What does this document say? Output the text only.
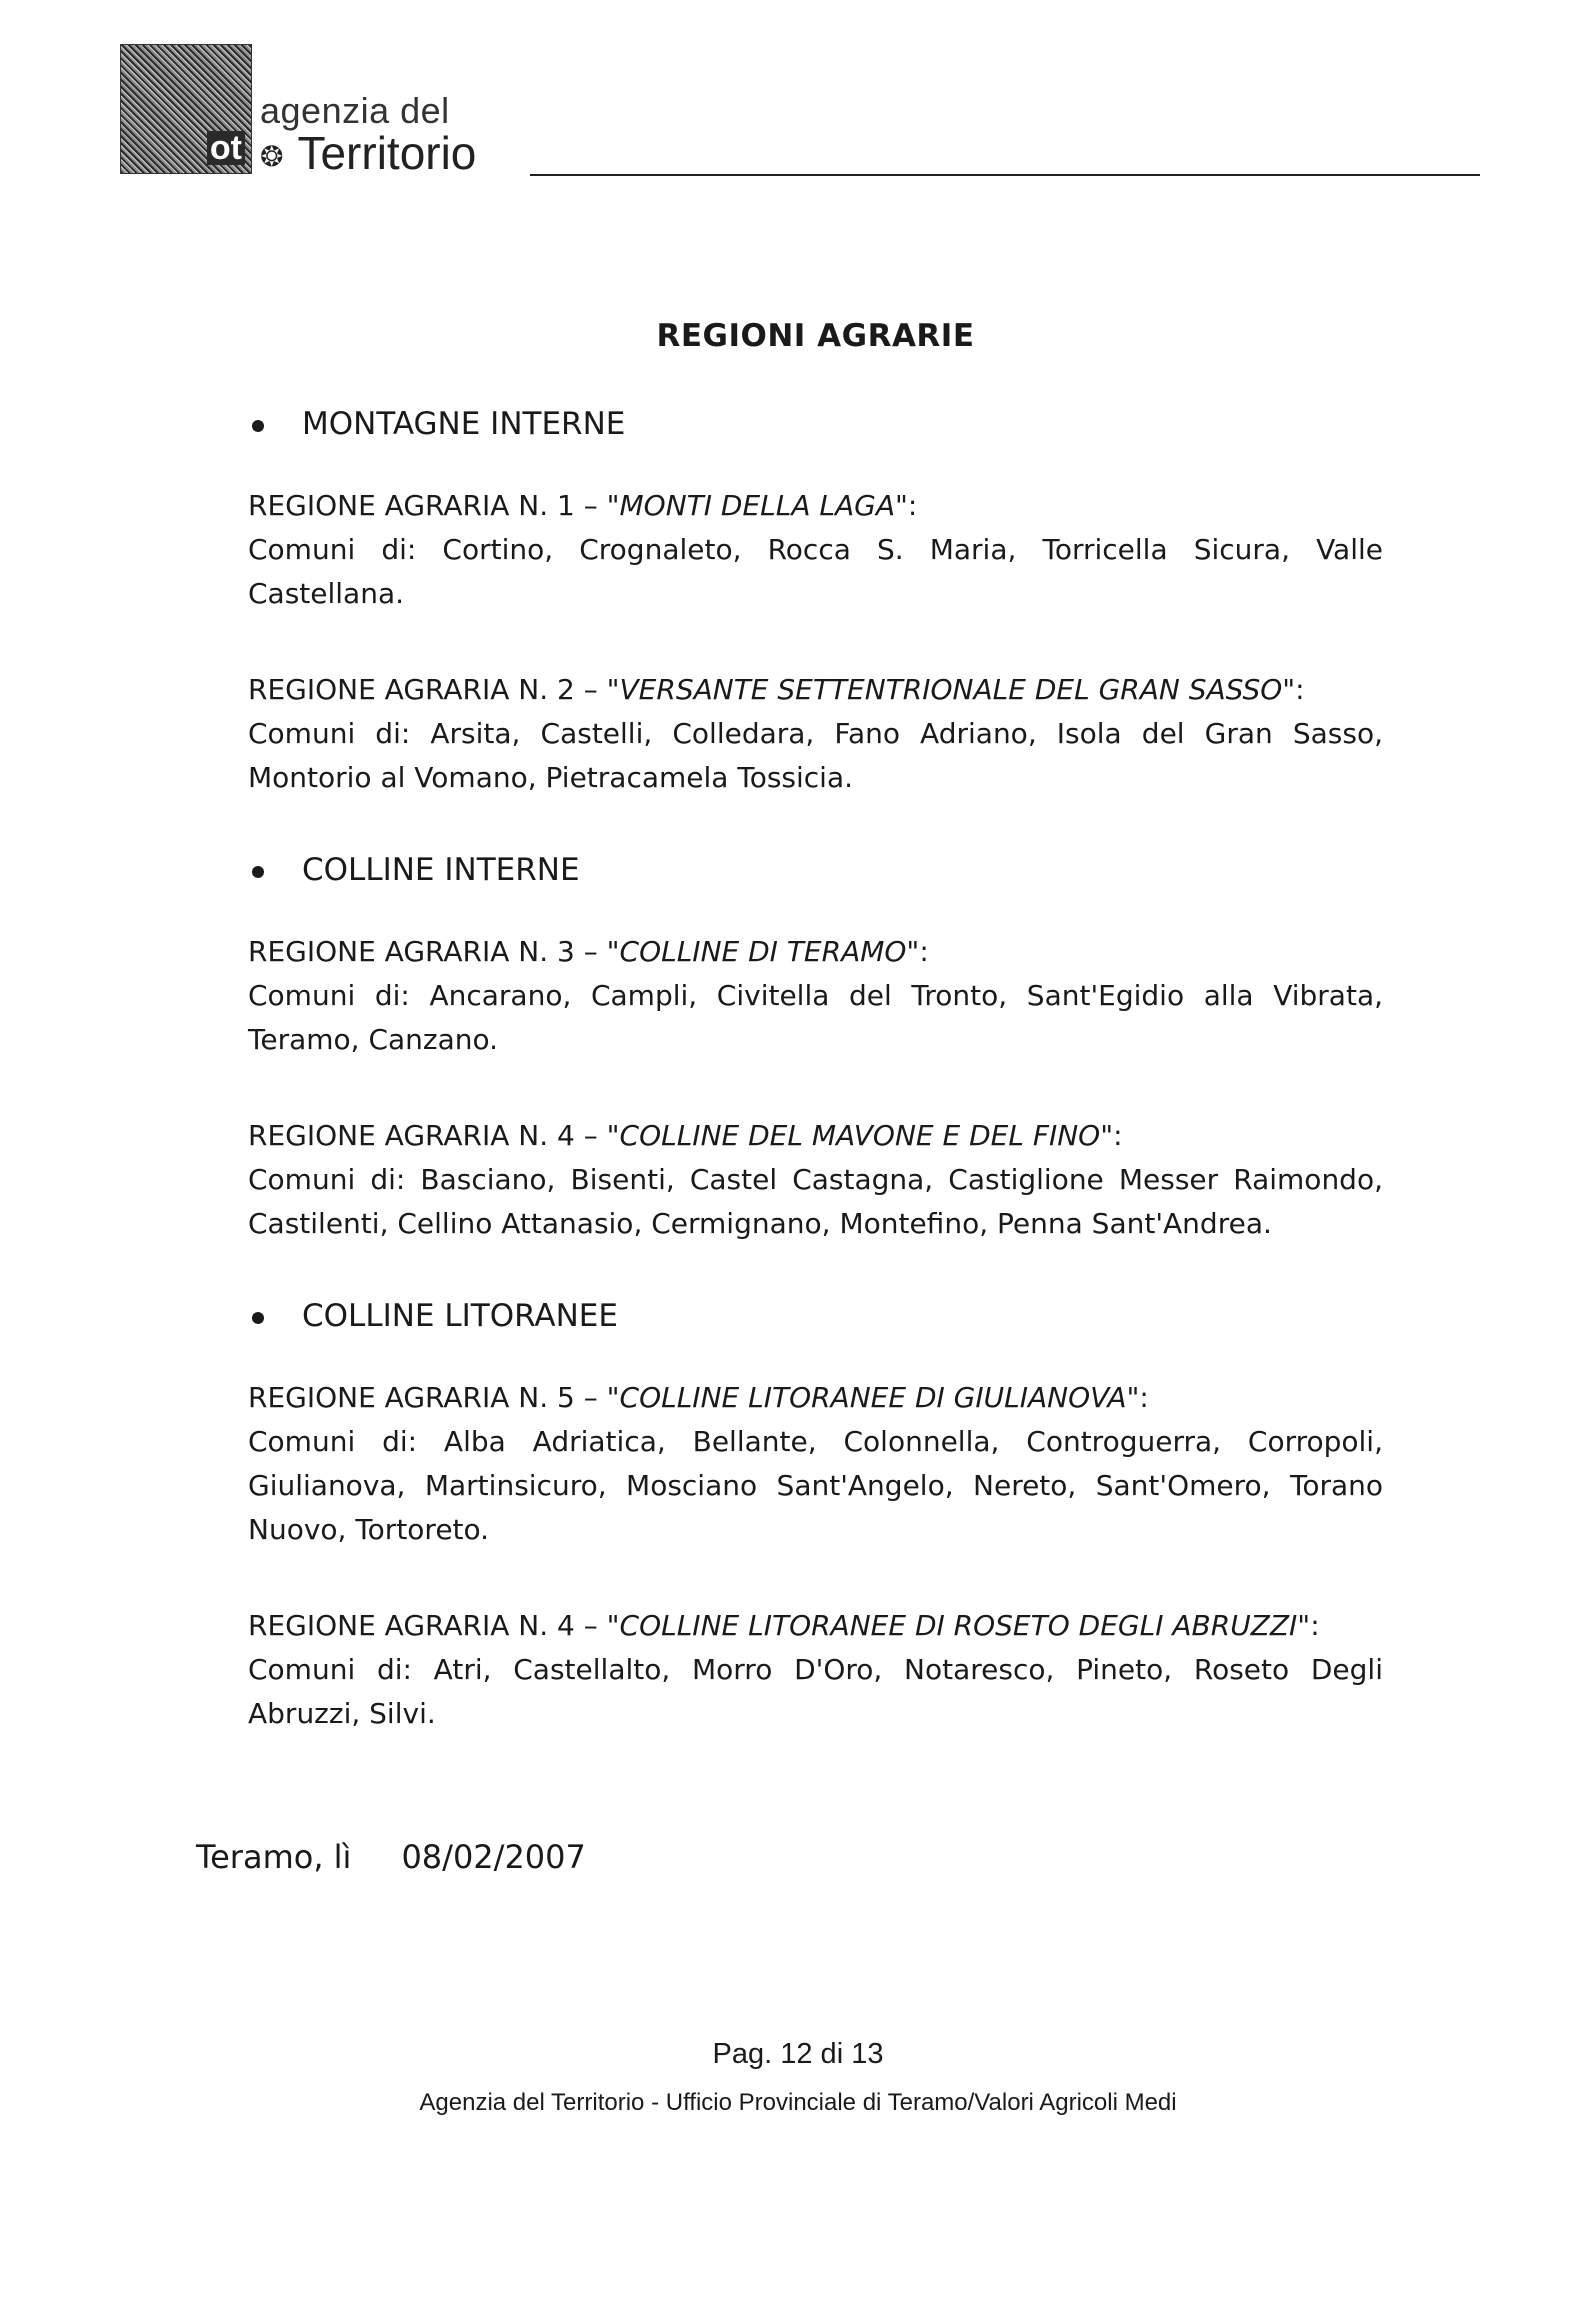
ot
agenzia del
❂ Territorio
REGIONI AGRARIE
MONTAGNE INTERNE
REGIONE AGRARIA N. 1 – "MONTI DELLA LAGA":
Comuni di: Cortino, Crognaleto, Rocca S. Maria, Torricella Sicura, Valle Castellana.
REGIONE AGRARIA N. 2 – "VERSANTE SETTENTRIONALE DEL GRAN SASSO":
Comuni di: Arsita, Castelli, Colledara, Fano Adriano, Isola del Gran Sasso, Montorio al Vomano, Pietracamela Tossicia.
COLLINE INTERNE
REGIONE AGRARIA N. 3 – "COLLINE DI TERAMO":
Comuni di: Ancarano, Campli, Civitella del Tronto, Sant'Egidio alla Vibrata, Teramo, Canzano.
REGIONE AGRARIA N. 4 – "COLLINE DEL MAVONE E DEL FINO":
Comuni di: Basciano, Bisenti, Castel Castagna, Castiglione Messer Raimondo, Castilenti, Cellino Attanasio, Cermignano, Montefino, Penna Sant'Andrea.
COLLINE LITORANEE
REGIONE AGRARIA N. 5 – "COLLINE LITORANEE DI GIULIANOVA":
Comuni di: Alba Adriatica, Bellante, Colonnella, Controguerra, Corropoli, Giulianova, Martinsicuro, Mosciano Sant'Angelo, Nereto, Sant'Omero, Torano Nuovo, Tortoreto.
REGIONE AGRARIA N. 4 – "COLLINE LITORANEE DI ROSETO DEGLI ABRUZZI":
Comuni di: Atri, Castellalto, Morro D'Oro, Notaresco, Pineto, Roseto Degli Abruzzi, Silvi.
Teramo, lì 08/02/2007
Pag. 12 di 13
Agenzia del Territorio - Ufficio Provinciale di Teramo/Valori Agricoli Medi
